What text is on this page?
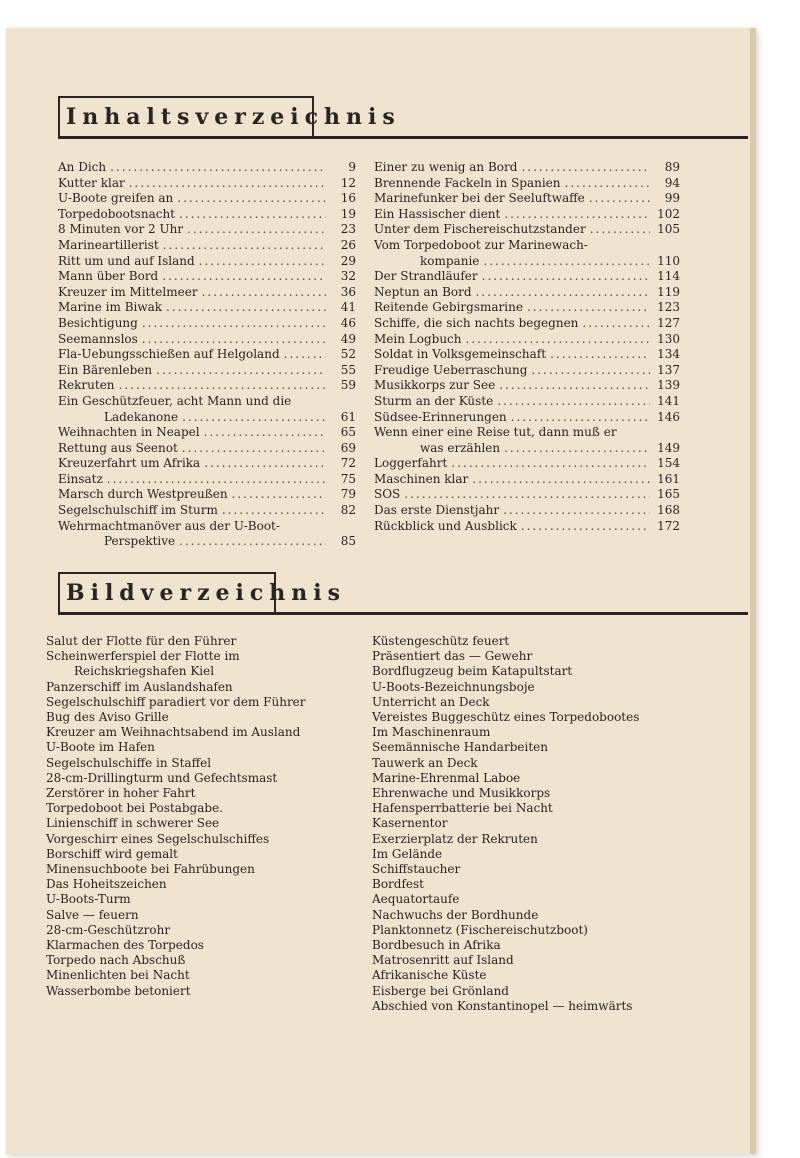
Inhaltsverzeichnis
An Dich .....	9
Kutter klar .....	12
U-Boote greifen an .....	16
Torpedobootsnacht .....	19
8 Minuten vor 2 Uhr .....	23
Marineartillerist .....	26
Ritt um und auf Island .....	29
Mann über Bord .....	32
Kreuzer im Mittelmeer .....	36
Marine im Biwak .....	41
Besichtigung .....	46
Seemannslos .....	49
Fla-Uebungsschießen auf Helgoland .....	52
Ein Bärenleben .....	55
Rekruten .....	59
Ein Geschützfeuer, acht Mann und die
Ladekanone .....	61
Weihnachten in Neapel .....	65
Rettung aus Seenot .....	69
Kreuzerfahrt um Afrika .....	72
Einsatz .....	75
Marsch durch Westpreußen .....	79
Segelschulschiff im Sturm .....	82
Wehrmachtmanöver aus der U-Boot-
Perspektive .....	85
Einer zu wenig an Bord .....	89
Brennende Fackeln in Spanien .....	94
Marinefunker bei der Seeluftwaffe .....	99
Ein Hassischer dient .....	102
Unter dem Fischereischutzstander .....	105
Vom Torpedoboot zur Marinewach-
kompanie .....	110
Der Strandläufer .....	114
Neptun an Bord .....	119
Reitende Gebirgsmarine .....	123
Schiffe, die sich nachts begegnen .....	127
Mein Logbuch .....	130
Soldat in Volksgemeinschaft .....	134
Freudige Ueberraschung .....	137
Musikkorps zur See .....	139
Sturm an der Küste .....	141
Südsee-Erinnerungen .....	146
Wenn einer eine Reise tut, dann muß er
was erzählen .....	149
Loggerfahrt .....	154
Maschinen klar .....	161
SOS .....	165
Das erste Dienstjahr .....	168
Rückblick und Ausblick .....	172
Bildverzeichnis
Salut der Flotte für den Führer
Scheinwerferspiel der Flotte im
Reichskriegshafen Kiel
Panzerschiff im Auslandshafen
Segelschulschiff paradiert vor dem Führer
Bug des Aviso Grille
Kreuzer am Weihnachtsabend im Ausland
U-Boote im Hafen
Segelschulschiffe in Staffel
28-cm-Drillingturm und Gefechtsmast
Zerstörer in hoher Fahrt
Torpedoboot bei Postabgabe.
Linienschiff in schwerer See
Vorgeschirr eines Segelschulschiffes
Borschiff wird gemalt
Minensuchboote bei Fahrübungen
Das Hoheitszeichen
U-Boots-Turm
Salve — feuern
28-cm-Geschützrohr
Klarmachen des Torpedos
Torpedo nach Abschuß
Minenlichten bei Nacht
Wasserbombe betoniert
Küstengeschütz feuert
Präsentiert das — Gewehr
Bordflugzeug beim Katapultstart
U-Boots-Bezeichnungsboje
Unterricht an Deck
Vereistes Buggeschütz eines Torpedobootes
Im Maschinenraum
Seemännische Handarbeiten
Tauwerk an Deck
Marine-Ehrenmal Laboe
Ehrenwache und Musikkorps
Hafensperrbatterie bei Nacht
Kasernentor
Exerzierplatz der Rekruten
Im Gelände
Schiffstaucher
Bordfest
Aequatortaufe
Nachwuchs der Bordhunde
Planktonnetz (Fischereischutzboot)
Bordbesuch in Afrika
Matrosenritt auf Island
Afrikanische Küste
Eisberge bei Grönland
Abschied von Konstantinopel — heimwärts
